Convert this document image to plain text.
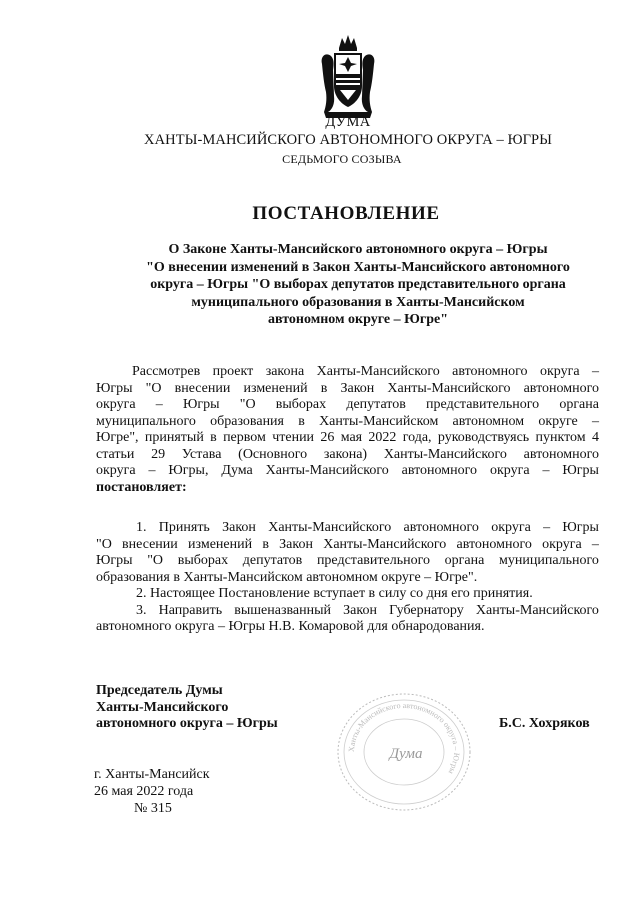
ДУМА
ХАНТЫ-МАНСИЙСКОГО АВТОНОМНОГО ОКРУГА – ЮГРЫ
СЕДЬМОГО СОЗЫВА
ПОСТАНОВЛЕНИЕ
О Законе Ханты-Мансийского автономного округа – Югры
"О внесении изменений в Закон Ханты-Мансийского автономного
округа – Югры "О выборах депутатов представительного органа
муниципального образования в Ханты-Мансийском
автономном округе – Югре"
Рассмотрев проект закона Ханты-Мансийского автономного округа –
Югры "О внесении изменений в Закон Ханты-Мансийского автономного
округа – Югры "О выборах депутатов представительного органа
муниципального образования в Ханты-Мансийском автономном округе –
Югре", принятый в первом чтении 26 мая 2022 года, руководствуясь пунктом 4
статьи 29 Устава (Основного закона) Ханты-Мансийского автономного
округа – Югры, Дума Ханты-Мансийского автономного округа – Югры
постановляет:
1. Принять Закон Ханты-Мансийского автономного округа – Югры
"О внесении изменений в Закон Ханты-Мансийского автономного округа –
Югры "О выборах депутатов представительного органа муниципального
образования в Ханты-Мансийском автономном округе – Югре".
2. Настоящее Постановление вступает в силу со дня его принятия.
3. Направить вышеназванный Закон Губернатору Ханты-Мансийского
автономного округа – Югры Н.В. Комаровой для обнародования.
Председатель Думы
Ханты-Мансийского
автономного округа – Югры
Ханты-Мансийского автономного округа – Югры
Дума
Б.С. Хохряков
г. Ханты-Мансийск
26 мая 2022 года
№ 315
